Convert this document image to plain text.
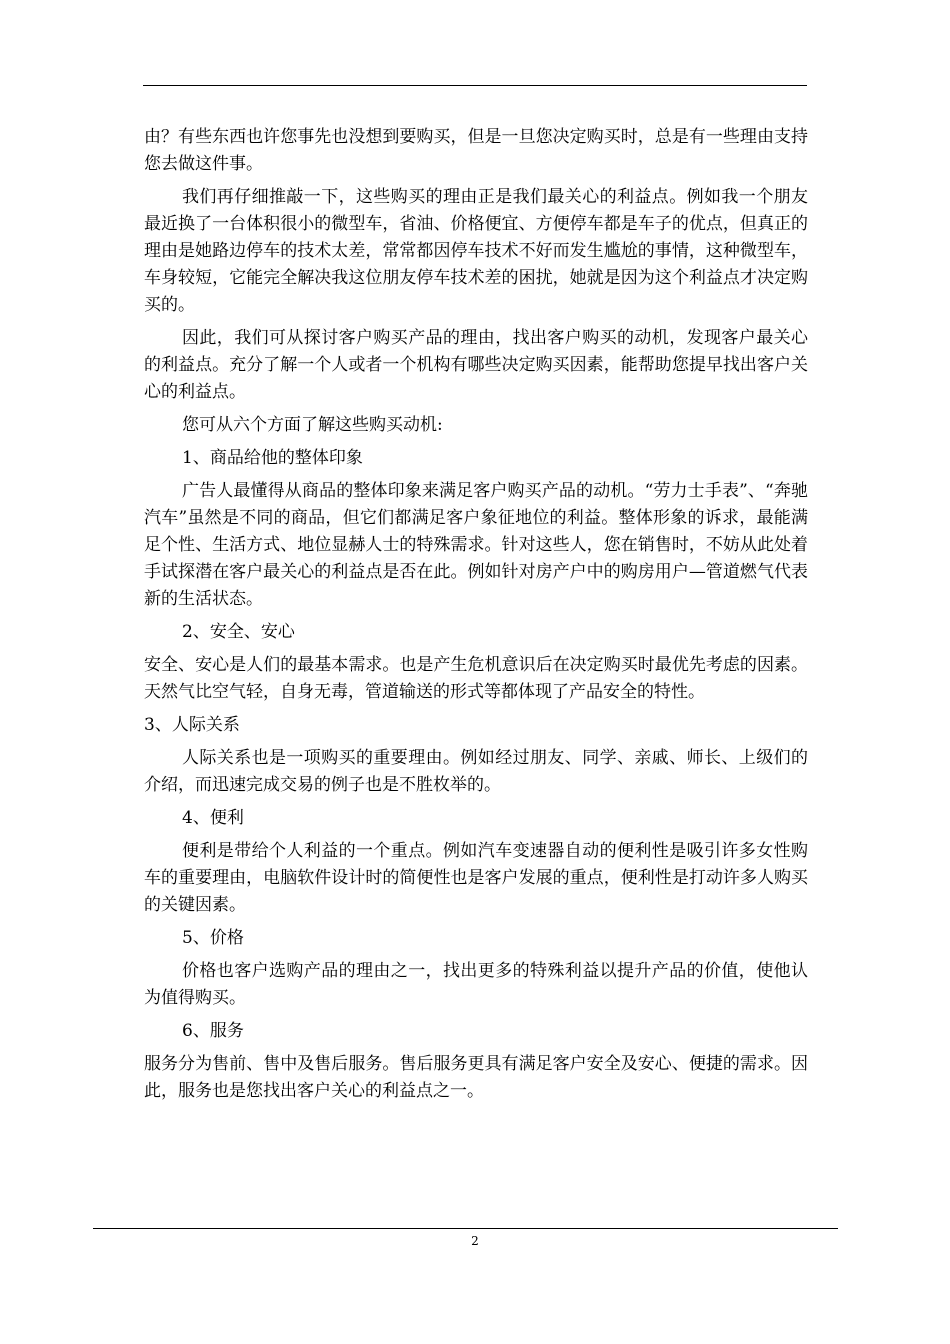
由？有些东西也许您事先也没想到要购买，但是一旦您决定购买时，总是有一些理由支持您去做这件事。

我们再仔细推敲一下，这些购买的理由正是我们最关心的利益点。例如我一个朋友最近换了一台体积很小的微型车，省油、价格便宜、方便停车都是车子的优点，但真正的理由是她路边停车的技术太差，常常都因停车技术不好而发生尴尬的事情，这种微型车，车身较短，它能完全解决我这位朋友停车技术差的困扰，她就是因为这个利益点才决定购买的。

因此，我们可从探讨客户购买产品的理由，找出客户购买的动机，发现客户最关心的利益点。充分了解一个人或者一个机构有哪些决定购买因素，能帮助您提早找出客户关心的利益点。

您可从六个方面了解这些购买动机:

1、商品给他的整体印象

广告人最懂得从商品的整体印象来满足客户购买产品的动机。“劳力士手表”、“奔驰汽车”虽然是不同的商品，但它们都满足客户象征地位的利益。整体形象的诉求，最能满足个性、生活方式、地位显赫人士的特殊需求。针对这些人，您在销售时，不妨从此处着手试探潜在客户最关心的利益点是否在此。例如针对房产户中的购房用户—管道燃气代表新的生活状态。

2、安全、安心

安全、安心是人们的最基本需求。也是产生危机意识后在决定购买时最优先考虑的因素。天然气比空气轻，自身无毒，管道输送的形式等都体现了产品安全的特性。

3、人际关系

人际关系也是一项购买的重要理由。例如经过朋友、同学、亲戚、师长、上级们的介绍，而迅速完成交易的例子也是不胜枚举的。

4、便利

便利是带给个人利益的一个重点。例如汽车变速器自动的便利性是吸引许多女性购车的重要理由，电脑软件设计时的简便性也是客户发展的重点，便利性是打动许多人购买的关键因素。

5、价格

价格也客户选购产品的理由之一，找出更多的特殊利益以提升产品的价值，使他认为值得购买。

6、服务

服务分为售前、售中及售后服务。售后服务更具有满足客户安全及安心、便捷的需求。因此，服务也是您找出客户关心的利益点之一。

2
